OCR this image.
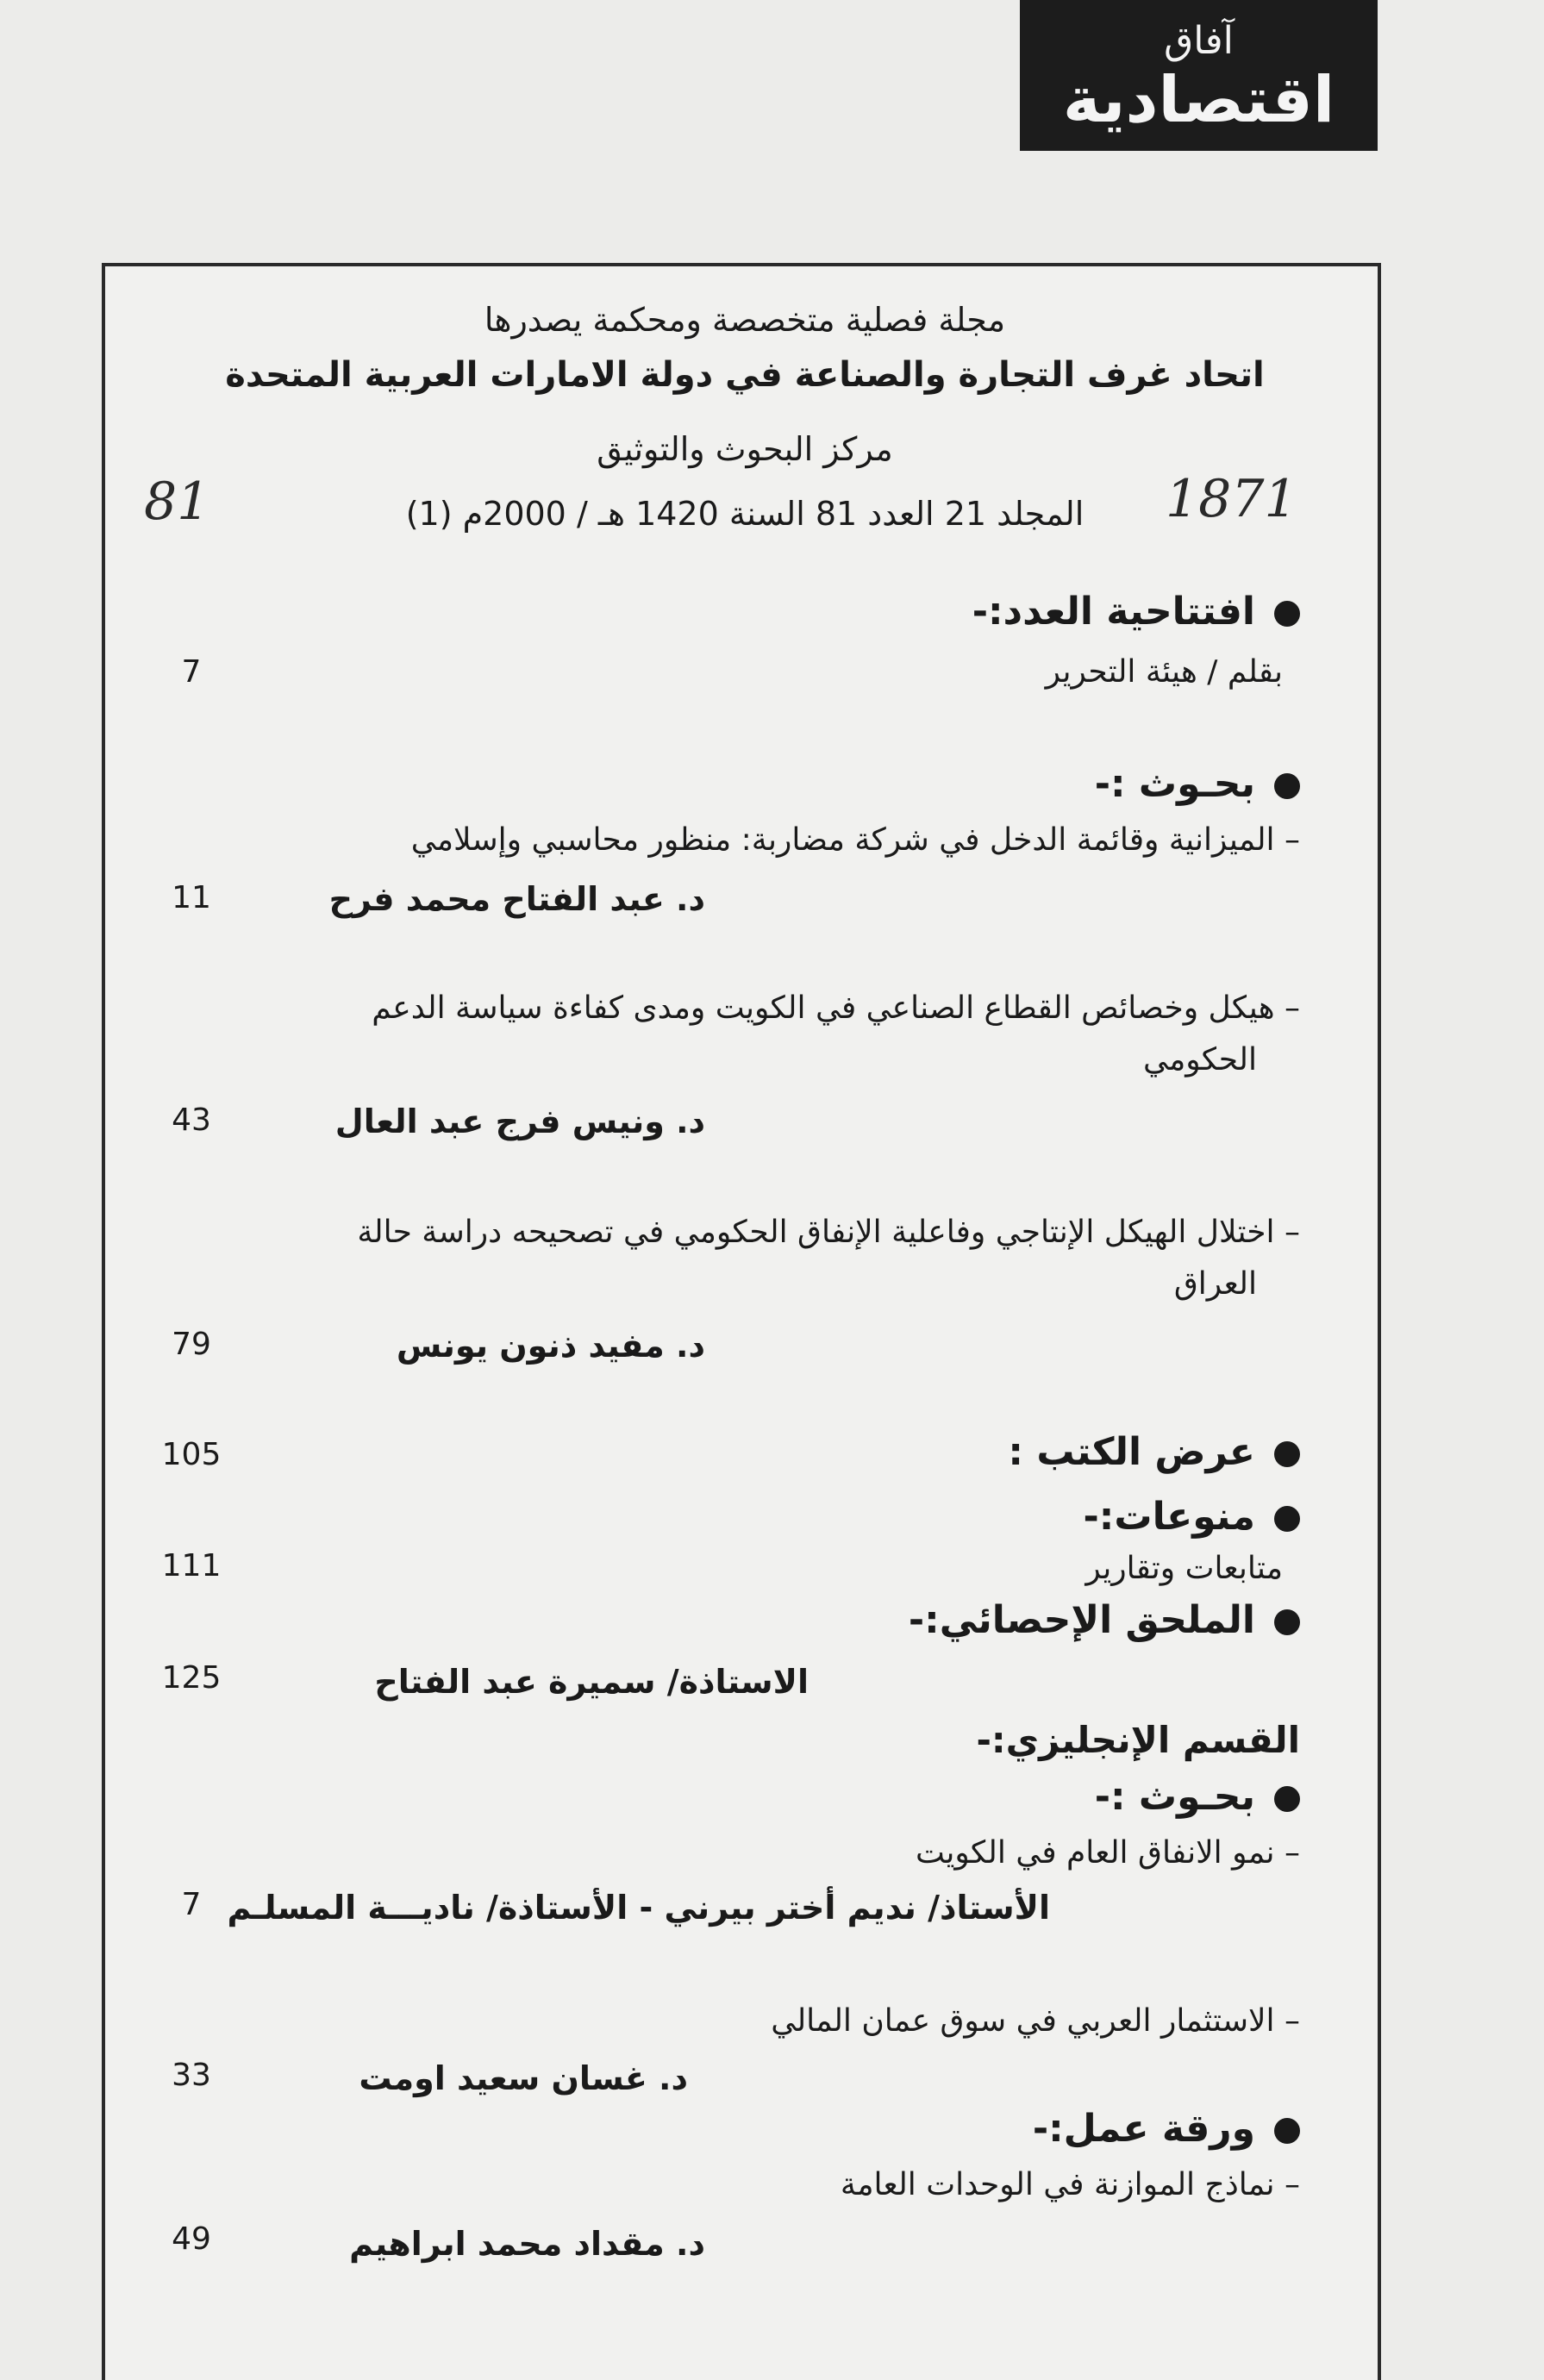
آفاق
اقتصادية
مجلة فصلية متخصصة ومحكمة يصدرها
اتحاد غرف التجارة والصناعة في دولة الامارات العربية المتحدة
مركز البحوث والتوثيق
المجلد 21 العدد 81 السنة 1420 هـ / 2000م (1)	1871
81
افتتاحية العدد:-
بقلم / هيئة التحرير
7
بحـوث :-
– الميزانية وقائمة الدخل في شركة مضاربة: منظور محاسبي وإسلامي
د. عبد الفتاح محمد فرح
11
– هيكل وخصائص القطاع الصناعي في الكويت ومدى كفاءة سياسة الدعم
الحكومي
د. ونيس فرج عبد العال
43
– اختلال الهيكل الإنتاجي وفاعلية الإنفاق الحكومي في تصحيحه دراسة حالة
العراق
د. مفيد ذنون يونس
79
عرض الكتب :
105
منوعات:-
متابعات وتقارير
111
الملحق الإحصائي:-
الاستاذة/ سميرة عبد الفتاح
125
القسم الإنجليزي:-
بحـوث :-
– نمو الانفاق العام في الكويت
الأستاذ/ نديم أختر بيرني - الأستاذة/ ناديـــة المسلـم
7
– الاستثمار العربي في سوق عمان المالي
د. غسان سعيد اومت
33
ورقة عمل:-
– نماذج الموازنة في الوحدات العامة
د. مقداد محمد ابراهيم
49
